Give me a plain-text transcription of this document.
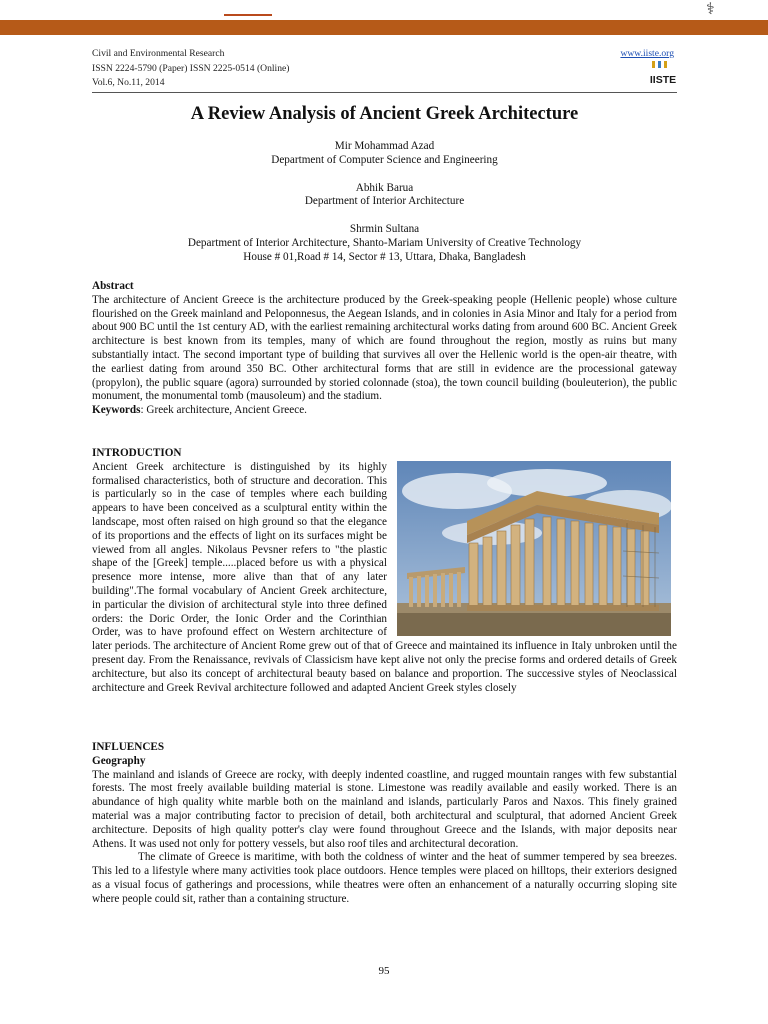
⚕
Civil and Environmental Research
ISSN 2224-5790 (Paper) ISSN 2225-0514 (Online)
Vol.6, No.11, 2014
www.iiste.org
IISTE
A Review Analysis of Ancient Greek Architecture
Mir Mohammad Azad
Department of Computer Science and Engineering
Abhik Barua
Department of Interior Architecture
Shrmin Sultana
Department of Interior Architecture, Shanto-Mariam University of Creative Technology
House # 01,Road # 14, Sector # 13, Uttara, Dhaka, Bangladesh

Abstract

The architecture of Ancient Greece is the architecture produced by the Greek-speaking people (Hellenic people) whose culture flourished on the Greek mainland and Peloponnesus, the Aegean Islands, and in colonies in Asia Minor and Italy for a period from about 900 BC until the 1st century AD, with the earliest remaining architectural works dating from around 600 BC. Ancient Greek architecture is best known from its temples, many of which are found throughout the region, mostly as ruins but many substantially intact. The second important type of building that survives all over the Hellenic world is the open-air theatre, with the earliest dating from around 350 BC. Other architectural forms that are still in evidence are the processional gateway (propylon), the public square (agora) surrounded by storied colonnade (stoa), the town council building (bouleuterion), the public monument, the monumental tomb (mausoleum) and the stadium.

Keywords: Greek architecture, Ancient Greece.

INTRODUCTION

Ancient Greek architecture is distinguished by its highly formalised characteristics, both of structure and decoration. This is particularly so in the case of temples where each building appears to have been conceived as a sculptural entity within the landscape, most often raised on high ground so that the elegance of its proportions and the effects of light on its surfaces might be viewed from all angles. Nikolaus Pevsner refers to "the plastic shape of the [Greek] temple.....placed before us with a physical presence more intense, more alive than that of any later building".The formal vocabulary of Ancient Greek architecture, in particular the division of architectural style into three defined orders: the Doric Order, the Ionic Order and the Corinthian Order, was to have profound effect on Western architecture of later periods. The architecture of Ancient Rome grew out of that of Greece and maintained its influence in Italy unbroken until the present day. From the Renaissance, revivals of Classicism have kept alive not only the precise forms and ordered details of Greek architecture, but also its concept of architectural beauty based on balance and proportion. The successive styles of Neoclassical architecture and Greek Revival architecture followed and adapted Ancient Greek styles closely

INFLUENCES

Geography

The mainland and islands of Greece are rocky, with deeply indented coastline, and rugged mountain ranges with few substantial forests. The most freely available building material is stone. Limestone was readily available and easily worked. There is an abundance of high quality white marble both on the mainland and islands, particularly Paros and Naxos. This finely grained material was a major contributing factor to precision of detail, both architectural and sculptural, that adorned Ancient Greek architecture. Deposits of high quality potter's clay were found throughout Greece and the Islands, with major deposits near Athens. It was used not only for pottery vessels, but also roof tiles and architectural decoration.

The climate of Greece is maritime, with both the coldness of winter and the heat of summer tempered by sea breezes. This led to a lifestyle where many activities took place outdoors. Hence temples were placed on hilltops, their exteriors designed as a visual focus of gatherings and processions, while theatres were often an enhancement of a naturally occurring sloping site where people could sit, rather than a containing structure.

95
